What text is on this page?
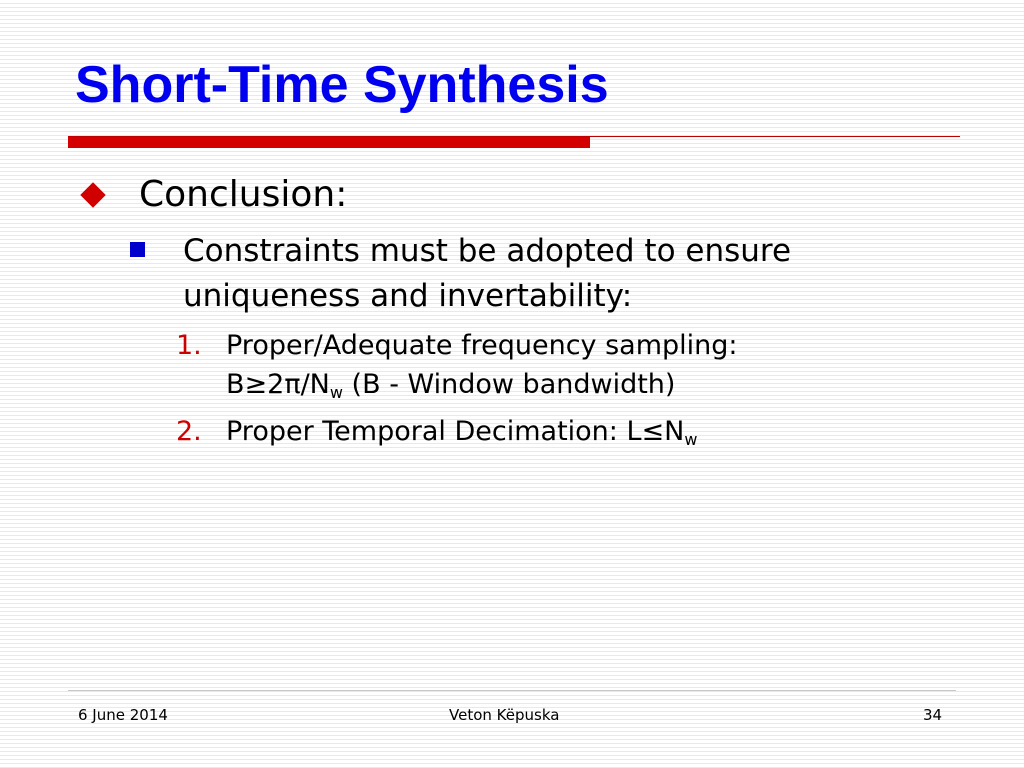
Short-Time Synthesis
Conclusion:
Constraints must be adopted to ensure uniqueness and invertability:
1. Proper/Adequate frequency sampling:
$B\ge 2\pi/N_w$ (B - Window bandwidth)
2. Proper Temporal Decimation: $L\le N_w$
6 June 2014	Veton Këpuska	34
